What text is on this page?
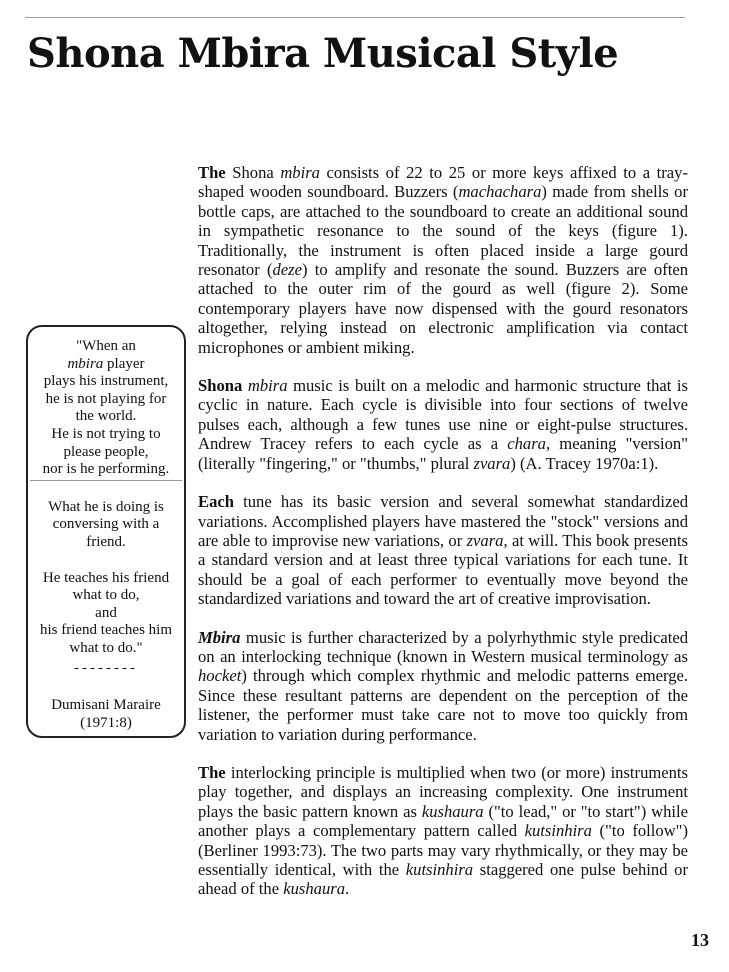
Shona Mbira Musical Style
"When an
mbira player
plays his instrument,
he is not playing for
the world.
He is not trying to
please people,
nor is he performing.
What he is doing is
conversing with a
friend.
He teaches his friend
what to do,
and
his friend teaches him
what to do."
--------
Dumisani Maraire
(1971:8)

The Shona mbira consists of 22 to 25 or more keys affixed to a tray-shaped wooden soundboard. Buzzers (machachara) made from shells or bottle caps, are attached to the soundboard to create an additional sound in sympathetic resonance to the sound of the keys (figure 1). Traditionally, the instrument is often placed inside a large gourd resonator (deze) to amplify and resonate the sound. Buzzers are often attached to the outer rim of the gourd as well (figure 2). Some contemporary players have now dispensed with the gourd resonators altogether, relying instead on electronic amplification via contact microphones or ambient miking.

Shona mbira music is built on a melodic and harmonic structure that is cyclic in nature. Each cycle is divisible into four sections of twelve pulses each, although a few tunes use nine or eight-pulse structures. Andrew Tracey refers to each cycle as a chara, meaning "version" (literally "fingering," or "thumbs," plural zvara) (A. Tracey 1970a:1).

Each tune has its basic version and several somewhat standardized variations. Accomplished players have mastered the "stock" versions and are able to improvise new variations, or zvara, at will. This book presents a standard version and at least three typical variations for each tune. It should be a goal of each performer to eventually move beyond the standardized variations and toward the art of creative improvisation.

Mbira music is further characterized by a polyrhythmic style predicated on an interlocking technique (known in Western musical terminology as hocket) through which complex rhythmic and melodic patterns emerge. Since these resultant patterns are dependent on the perception of the listener, the performer must take care not to move too quickly from variation to variation during performance.

The interlocking principle is multiplied when two (or more) instruments play together, and displays an increasing complexity. One instrument plays the basic pattern known as kushaura ("to lead," or "to start") while another plays a complementary pattern called kutsinhira ("to follow") (Berliner 1993:73). The two parts may vary rhythmically, or they may be essentially identical, with the kutsinhira staggered one pulse behind or ahead of the kushaura.

13
